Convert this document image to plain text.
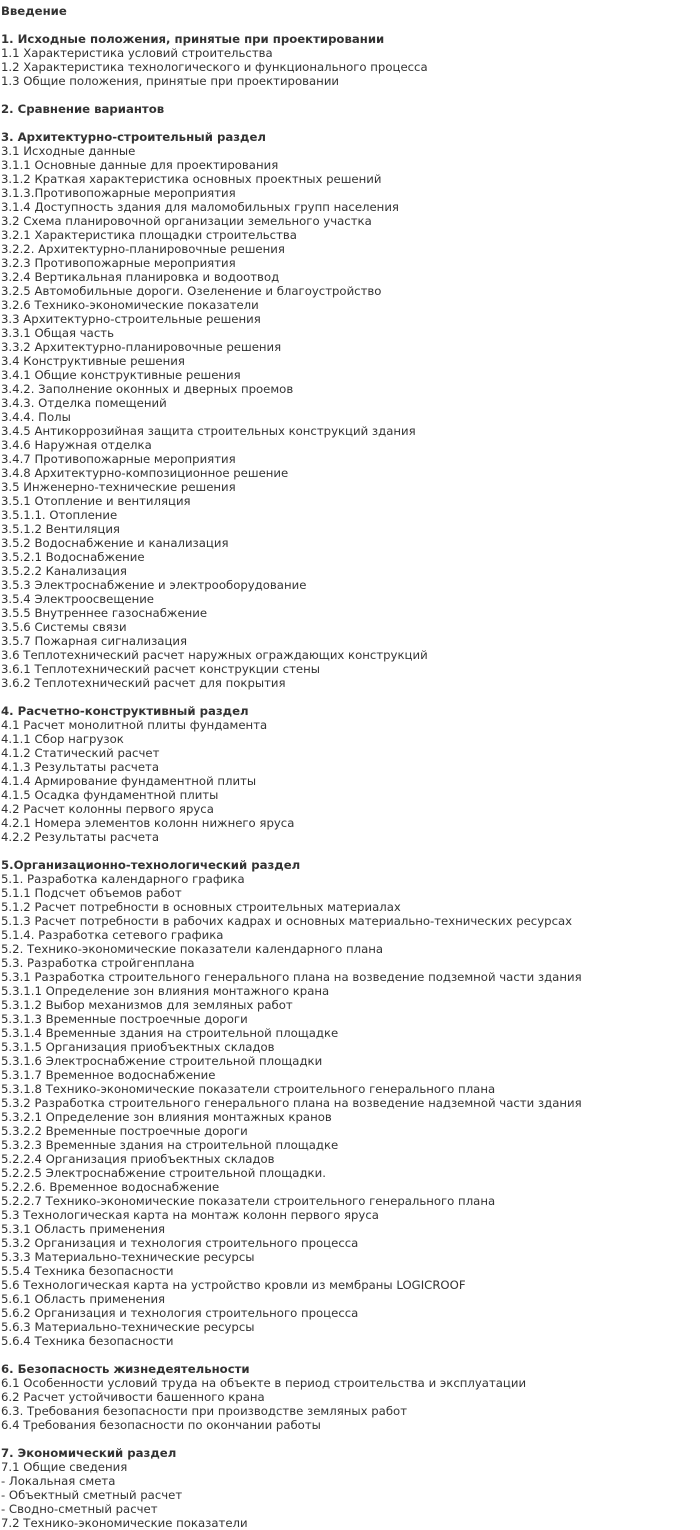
Введение
1. Исходные положения, принятые при проектировании
1.1 Характеристика условий строительства
1.2 Характеристика технологического и функционального процесса
1.3 Общие положения, принятые при проектировании
2. Сравнение вариантов
3. Архитектурно-строительный раздел
3.1 Исходные данные
3.1.1 Основные данные для проектирования
3.1.2 Краткая характеристика основных проектных решений
3.1.3.Противопожарные мероприятия
3.1.4 Доступность здания для маломобильных групп населения
3.2 Схема планировочной организации земельного участка
3.2.1 Характеристика площадки строительства
3.2.2. Архитектурно-планировочные решения
3.2.3 Противопожарные мероприятия
3.2.4 Вертикальная планировка и водоотвод
3.2.5 Автомобильные дороги. Озеленение и благоустройство
3.2.6 Технико-экономические показатели
3.3 Архитектурно-строительные решения
3.3.1 Общая часть
3.3.2 Архитектурно-планировочные решения
3.4 Конструктивные решения
3.4.1 Общие конструктивные решения
3.4.2. Заполнение оконных и дверных проемов
3.4.3. Отделка помещений
3.4.4. Полы
3.4.5 Антикоррозийная защита строительных конструкций здания
3.4.6 Наружная отделка
3.4.7 Противопожарные мероприятия
3.4.8 Архитектурно-композиционное решение
3.5 Инженерно-технические решения
3.5.1 Отопление и вентиляция
3.5.1.1. Отопление
3.5.1.2 Вентиляция
3.5.2 Водоснабжение и канализация
3.5.2.1 Водоснабжение
3.5.2.2 Канализация
3.5.3 Электроснабжение и электрооборудование
3.5.4 Электроосвещение
3.5.5 Внутреннее газоснабжение
3.5.6 Системы связи
3.5.7 Пожарная сигнализация
3.6 Теплотехнический расчет наружных ограждающих конструкций
3.6.1 Теплотехнический расчет конструкции стены
3.6.2 Теплотехнический расчет для покрытия
4. Расчетно-конструктивный раздел
4.1 Расчет монолитной плиты фундамента
4.1.1 Сбор нагрузок
4.1.2 Статический расчет
4.1.3 Результаты расчета
4.1.4 Армирование фундаментной плиты
4.1.5 Осадка фундаментной плиты
4.2 Расчет колонны первого яруса
4.2.1 Номера элементов колонн нижнего яруса
4.2.2 Результаты расчета
5.Организационно-технологический раздел
5.1. Разработка календарного графика
5.1.1 Подсчет объемов работ
5.1.2 Расчет потребности в основных строительных материалах
5.1.3 Расчет потребности в рабочих кадрах и основных материально-технических ресурсах
5.1.4. Разработка сетевого графика
5.2. Технико-экономические показатели календарного плана
5.3. Разработка стройгенплана
5.3.1 Разработка строительного генерального плана на возведение подземной части здания
5.3.1.1 Определение зон влияния монтажного крана
5.3.1.2 Выбор механизмов для земляных работ
5.3.1.3 Временные построечные дороги
5.3.1.4 Временные здания на строительной площадке
5.3.1.5 Организация приобъектных складов
5.3.1.6 Электроснабжение строительной площадки
5.3.1.7 Временное водоснабжение
5.3.1.8 Технико-экономические показатели строительного генерального плана
5.3.2 Разработка строительного генерального плана на возведение надземной части здания
5.3.2.1 Определение зон влияния монтажных кранов
5.3.2.2 Временные построечные дороги
5.3.2.3 Временные здания на строительной площадке
5.2.2.4 Организация приобъектных складов
5.2.2.5 Электроснабжение строительной площадки.
5.2.2.6. Временное водоснабжение
5.2.2.7 Технико-экономические показатели строительного генерального плана
5.3 Технологическая карта на монтаж колонн первого яруса
5.3.1 Область применения
5.3.2 Организация и технология строительного процесса
5.3.3 Материально-технические ресурсы
5.5.4 Техника безопасности
5.6 Технологическая карта на устройство кровли из мембраны LOGICROOF
5.6.1 Область применения
5.6.2 Организация и технология строительного процесса
5.6.3 Материально-технические ресурсы
5.6.4 Техника безопасности
6. Безопасность жизнедеятельности
6.1 Особенности условий труда на объекте в период строительства и эксплуатации
6.2 Расчет устойчивости башенного крана
6.3. Требования безопасности при производстве земляных работ
6.4 Требования безопасности по окончании работы
7. Экономический раздел
7.1 Общие сведения
- Локальная смета
- Объектный сметный расчет
- Сводно-сметный расчет
7.2 Технико-экономические показатели
